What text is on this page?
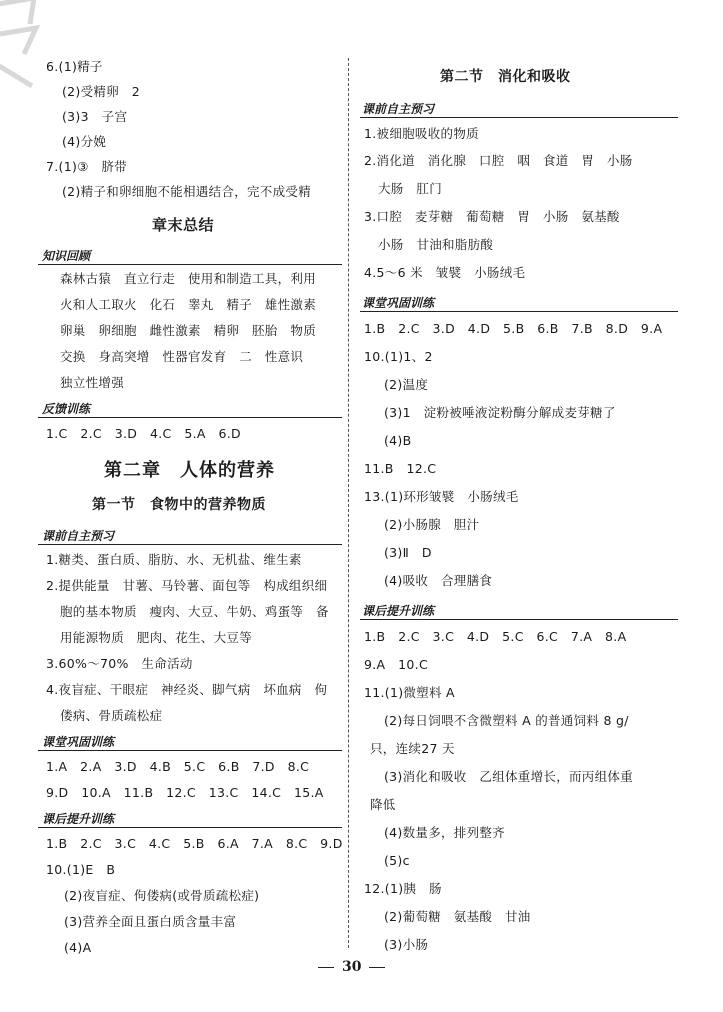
6.(1)精子
(2)受精卵　2
(3)3　子宫
(4)分娩
7.(1)③　脐带
(2)精子和卵细胞不能相遇结合，完不成受精
章末总结
知识回顾
森林古猿　直立行走　使用和制造工具，利用
火和人工取火　化石　睾丸　精子　雄性激素
卵巢　卵细胞　雌性激素　精卵　胚胎　物质
交换　身高突增　性器官发育　二　性意识
独立性增强
反馈训练
1.C　2.C　3.D　4.C　5.A　6.D
第二章　人体的营养
第一节　食物中的营养物质
课前自主预习
1.糖类、蛋白质、脂肪、水、无机盐、维生素
2.提供能量　甘薯、马铃薯、面包等　构成组织细
胞的基本物质　瘦肉、大豆、牛奶、鸡蛋等　备
用能源物质　肥肉、花生、大豆等
3.60%～70%　生命活动
4.夜盲症、干眼症　神经炎、脚气病　坏血病　佝
偻病、骨质疏松症
课堂巩固训练
1.A　2.A　3.D　4.B　5.C　6.B　7.D　8.C
9.D　10.A　11.B　12.C　13.C　14.C　15.A
课后提升训练
1.B　2.C　3.C　4.C　5.B　6.A　7.A　8.C　9.D
10.(1)E　B
(2)夜盲症、佝偻病(或骨质疏松症)
(3)营养全面且蛋白质含量丰富
(4)A
第二节　消化和吸收
课前自主预习
1.被细胞吸收的物质
2.消化道　消化腺　口腔　咽　食道　胃　小肠
大肠　肛门
3.口腔　麦芽糖　葡萄糖　胃　小肠　氨基酸
小肠　甘油和脂肪酸
4.5～6 米　皱襞　小肠绒毛
课堂巩固训练
1.B　2.C　3.D　4.D　5.B　6.B　7.B　8.D　9.A
10.(1)1、2
(2)温度
(3)1　淀粉被唾液淀粉酶分解成麦芽糖了
(4)B
11.B　12.C
13.(1)环形皱襞　小肠绒毛
(2)小肠腺　胆汁
(3)Ⅱ　D
(4)吸收　合理膳食
课后提升训练
1.B　2.C　3.C　4.D　5.C　6.C　7.A　8.A
9.A　10.C
11.(1)微塑料 A
(2)每日饲喂不含微塑料 A 的普通饲料 8 g/
只，连续27 天
(3)消化和吸收　乙组体重增长，而丙组体重
降低
(4)数量多，排列整齐
(5)c
12.(1)胰　肠
(2)葡萄糖　氨基酸　甘油
(3)小肠
30
